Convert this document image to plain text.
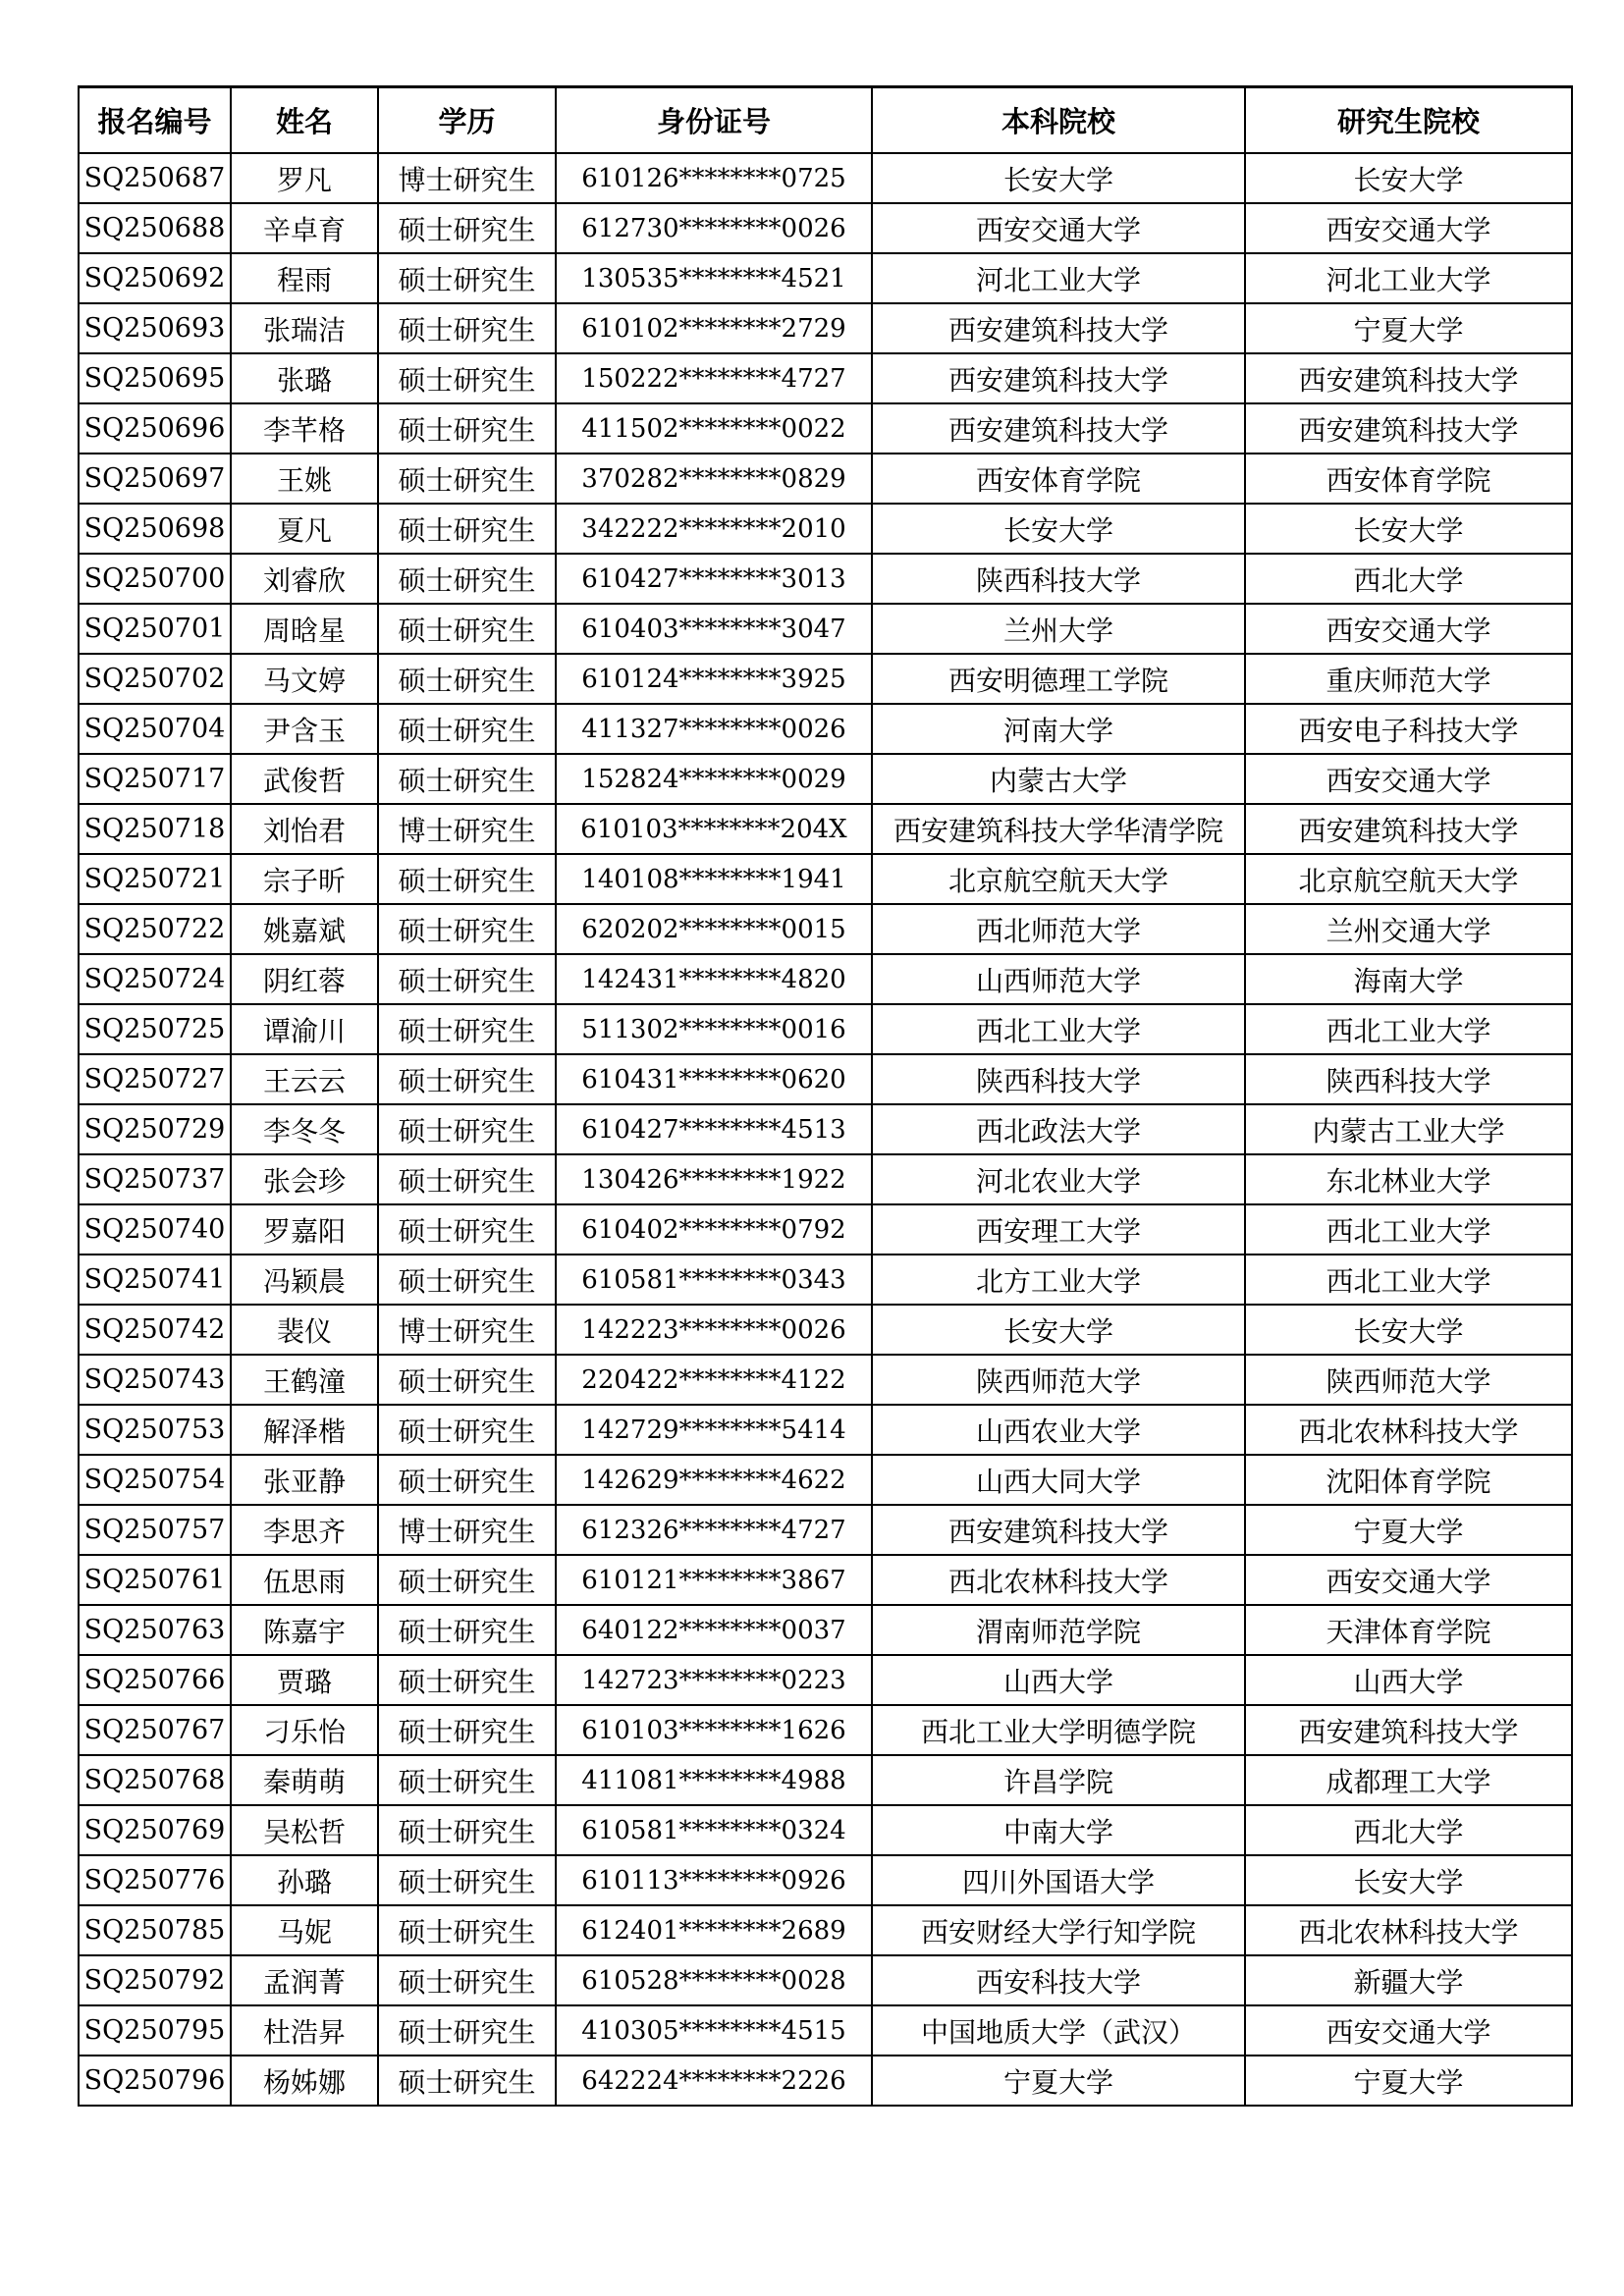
报名编号	姓名	学历	身份证号	本科院校	研究生院校
SQ250687	罗凡	博士研究生	610126********0725	长安大学	长安大学
SQ250688	辛卓育	硕士研究生	612730********0026	西安交通大学	西安交通大学
SQ250692	程雨	硕士研究生	130535********4521	河北工业大学	河北工业大学
SQ250693	张瑞洁	硕士研究生	610102********2729	西安建筑科技大学	宁夏大学
SQ250695	张璐	硕士研究生	150222********4727	西安建筑科技大学	西安建筑科技大学
SQ250696	李芊格	硕士研究生	411502********0022	西安建筑科技大学	西安建筑科技大学
SQ250697	王姚	硕士研究生	370282********0829	西安体育学院	西安体育学院
SQ250698	夏凡	硕士研究生	342222********2010	长安大学	长安大学
SQ250700	刘睿欣	硕士研究生	610427********3013	陕西科技大学	西北大学
SQ250701	周晗星	硕士研究生	610403********3047	兰州大学	西安交通大学
SQ250702	马文婷	硕士研究生	610124********3925	西安明德理工学院	重庆师范大学
SQ250704	尹含玉	硕士研究生	411327********0026	河南大学	西安电子科技大学
SQ250717	武俊哲	硕士研究生	152824********0029	内蒙古大学	西安交通大学
SQ250718	刘怡君	博士研究生	610103********204X	西安建筑科技大学华清学院	西安建筑科技大学
SQ250721	宗子昕	硕士研究生	140108********1941	北京航空航天大学	北京航空航天大学
SQ250722	姚嘉斌	硕士研究生	620202********0015	西北师范大学	兰州交通大学
SQ250724	阴红蓉	硕士研究生	142431********4820	山西师范大学	海南大学
SQ250725	谭渝川	硕士研究生	511302********0016	西北工业大学	西北工业大学
SQ250727	王云云	硕士研究生	610431********0620	陕西科技大学	陕西科技大学
SQ250729	李冬冬	硕士研究生	610427********4513	西北政法大学	内蒙古工业大学
SQ250737	张会珍	硕士研究生	130426********1922	河北农业大学	东北林业大学
SQ250740	罗嘉阳	硕士研究生	610402********0792	西安理工大学	西北工业大学
SQ250741	冯颖晨	硕士研究生	610581********0343	北方工业大学	西北工业大学
SQ250742	裴仪	博士研究生	142223********0026	长安大学	长安大学
SQ250743	王鹤潼	硕士研究生	220422********4122	陕西师范大学	陕西师范大学
SQ250753	解泽楷	硕士研究生	142729********5414	山西农业大学	西北农林科技大学
SQ250754	张亚静	硕士研究生	142629********4622	山西大同大学	沈阳体育学院
SQ250757	李思齐	博士研究生	612326********4727	西安建筑科技大学	宁夏大学
SQ250761	伍思雨	硕士研究生	610121********3867	西北农林科技大学	西安交通大学
SQ250763	陈嘉宇	硕士研究生	640122********0037	渭南师范学院	天津体育学院
SQ250766	贾璐	硕士研究生	142723********0223	山西大学	山西大学
SQ250767	刁乐怡	硕士研究生	610103********1626	西北工业大学明德学院	西安建筑科技大学
SQ250768	秦萌萌	硕士研究生	411081********4988	许昌学院	成都理工大学
SQ250769	吴松哲	硕士研究生	610581********0324	中南大学	西北大学
SQ250776	孙璐	硕士研究生	610113********0926	四川外国语大学	长安大学
SQ250785	马妮	硕士研究生	612401********2689	西安财经大学行知学院	西北农林科技大学
SQ250792	孟润菁	硕士研究生	610528********0028	西安科技大学	新疆大学
SQ250795	杜浩昇	硕士研究生	410305********4515	中国地质大学（武汉）	西安交通大学
SQ250796	杨姊娜	硕士研究生	642224********2226	宁夏大学	宁夏大学
